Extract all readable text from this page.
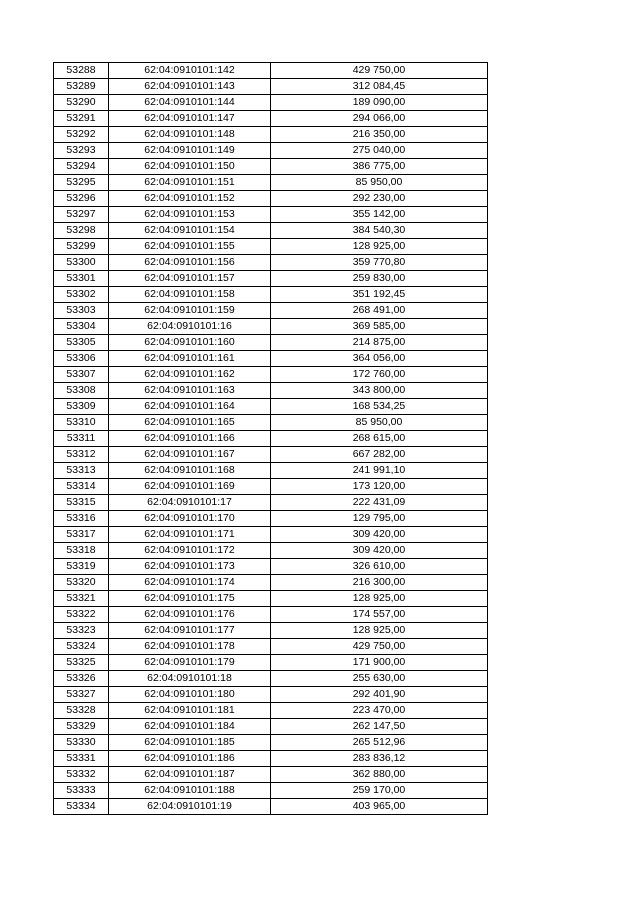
53288	62:04:0910101:142	429 750,00
53289	62:04:0910101:143	312 084,45
53290	62:04:0910101:144	189 090,00
53291	62:04:0910101:147	294 066,00
53292	62:04:0910101:148	216 350,00
53293	62:04:0910101:149	275 040,00
53294	62:04:0910101:150	386 775,00
53295	62:04:0910101:151	85 950,00
53296	62:04:0910101:152	292 230,00
53297	62:04:0910101:153	355 142,00
53298	62:04:0910101:154	384 540,30
53299	62:04:0910101:155	128 925,00
53300	62:04:0910101:156	359 770,80
53301	62:04:0910101:157	259 830,00
53302	62:04:0910101:158	351 192,45
53303	62:04:0910101:159	268 491,00
53304	62:04:0910101:16	369 585,00
53305	62:04:0910101:160	214 875,00
53306	62:04:0910101:161	364 056,00
53307	62:04:0910101:162	172 760,00
53308	62:04:0910101:163	343 800,00
53309	62:04:0910101:164	168 534,25
53310	62:04:0910101:165	85 950,00
53311	62:04:0910101:166	268 615,00
53312	62:04:0910101:167	667 282,00
53313	62:04:0910101:168	241 991,10
53314	62:04:0910101:169	173 120,00
53315	62:04:0910101:17	222 431,09
53316	62:04:0910101:170	129 795,00
53317	62:04:0910101:171	309 420,00
53318	62:04:0910101:172	309 420,00
53319	62:04:0910101:173	326 610,00
53320	62:04:0910101:174	216 300,00
53321	62:04:0910101:175	128 925,00
53322	62:04:0910101:176	174 557,00
53323	62:04:0910101:177	128 925,00
53324	62:04:0910101:178	429 750,00
53325	62:04:0910101:179	171 900,00
53326	62:04:0910101:18	255 630,00
53327	62:04:0910101:180	292 401,90
53328	62:04:0910101:181	223 470,00
53329	62:04:0910101:184	262 147,50
53330	62:04:0910101:185	265 512,96
53331	62:04:0910101:186	283 836,12
53332	62:04:0910101:187	362 880,00
53333	62:04:0910101:188	259 170,00
53334	62:04:0910101:19	403 965,00
